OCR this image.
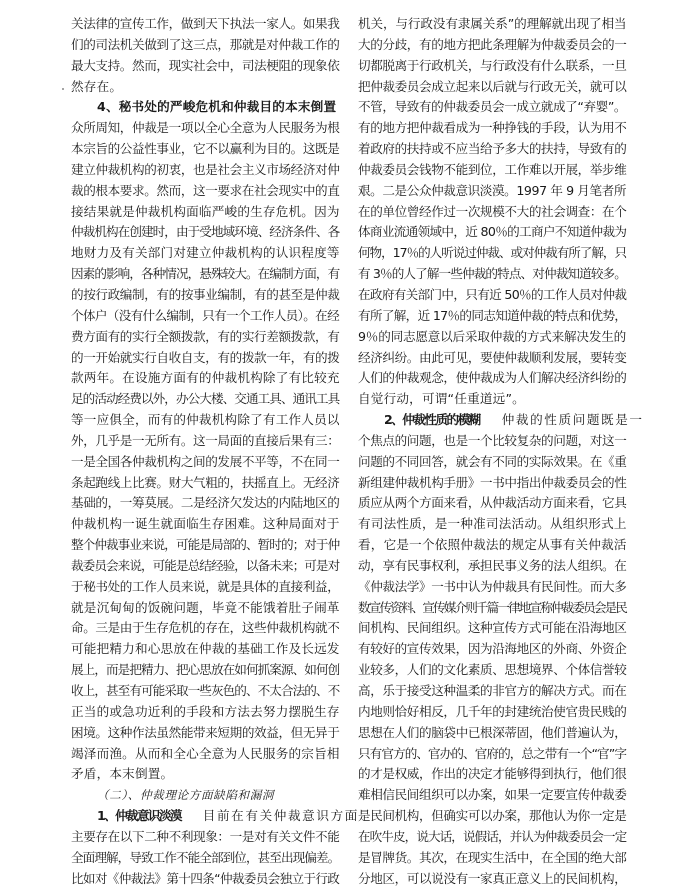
关法律的宣传工作，做到天下执法一家人。如果我
们的司法机关做到了这三点，那就是对仲裁工作的
最大支持。然而，现实社会中，司法梗阻的现象依
然存在。
4、秘书处的严峻危机和仲裁目的本末倒置
众所周知，仲裁是一项以全心全意为人民服务为根
本宗旨的公益性事业，它不以赢利为目的。这既是
建立仲裁机构的初衷，也是社会主义市场经济对仲
裁的根本要求。然而，这一要求在社会现实中的直
接结果就是仲裁机构面临严峻的生存危机。因为
仲裁机构在创建时，由于受地域环境、经济条件、各
地财力及有关部门对建立仲裁机构的认识程度等
因素的影响，各种情况，悬殊较大。在编制方面，有
的按行政编制，有的按事业编制，有的甚至是仲裁
个体户（没有什么编制，只有一个工作人员）。在经
费方面有的实行全额拨款，有的实行差额拨款，有
的一开始就实行自收自支，有的拨款一年，有的拨
款两年。在设施方面有的仲裁机构除了有比较充
足的活动经费以外，办公大楼、交通工具、通讯工具
等一应俱全，而有的仲裁机构除了有工作人员以
外，几乎是一无所有。这一局面的直接后果有三：
一是全国各仲裁机构之间的发展不平等，不在同一
条起跑线上比赛。财大气粗的，扶摇直上。无经济
基础的，一筹莫展。二是经济欠发达的内陆地区的
仲裁机构一诞生就面临生存困难。这种局面对于
整个仲裁事业来说，可能是局部的、暂时的；对于仲
裁委员会来说，可能是总结经验，以备未来；可是对
于秘书处的工作人员来说，就是具体的直接利益，
就是沉甸甸的饭碗问题，毕竟不能饿着肚子闹革
命。三是由于生存危机的存在，这些仲裁机构就不
可能把精力和心思放在仲裁的基础工作及长远发
展上，而是把精力、把心思放在如何抓案源、如何创
收上，甚至有可能采取一些灰色的、不太合法的、不
正当的或急功近利的手段和方法去努力摆脱生存
困境。这种作法虽然能带来短期的效益，但无异于
竭泽而渔。从而和全心全意为人民服务的宗旨相
矛盾，本末倒置。
（二）、仲裁理论方面缺陷和漏洞
1、仲裁意识淡漠 目前在有关仲裁意识方面
主要存在以下二种不利现象：一是对有关文件不能
全面理解，导致工作不能全部到位，甚至出现偏差。
比如对《仲裁法》第十四条“仲裁委员会独立于行政
机关，与行政没有隶属关系”的理解就出现了相当
大的分歧，有的地方把此条理解为仲裁委员会的一
切都脱离于行政机关，与行政没有什么联系，一旦
把仲裁委员会成立起来以后就与行政无关，就可以
不管，导致有的仲裁委员会一成立就成了“弃婴”。
有的地方把仲裁看成为一种挣钱的手段，认为用不
着政府的扶持或不应当给予多大的扶持，导致有的
仲裁委员会钱物不能到位，工作难以开展，举步维
艰。二是公众仲裁意识淡漠。1997 年 9 月笔者所
在的单位曾经作过一次规模不大的社会调查：在个
体商业流通领域中，近 80％的工商户不知道仲裁为
何物，17％的人听说过仲裁、或对仲裁有所了解，只
有 3％的人了解一些仲裁的特点、对仲裁知道较多。
在政府有关部门中，只有近 50％的工作人员对仲裁
有所了解，近 17％的同志知道仲裁的特点和优势，
9％的同志愿意以后采取仲裁的方式来解决发生的
经济纠纷。由此可见，要使仲裁顺利发展，要转变
人们的仲裁观念，使仲裁成为人们解决经济纠纷的
自觉行动，可谓“任重道远”。
2、仲裁性质的模糊 仲裁的性质问题既是一
个焦点的问题，也是一个比较复杂的问题，对这一
问题的不同回答，就会有不同的实际效果。在《重
新组建仲裁机构手册》一书中指出仲裁委员会的性
质应从两个方面来看，从仲裁活动方面来看，它具
有司法性质，是一种准司法活动。从组织形式上
看，它是一个依照仲裁法的规定从事有关仲裁活
动，享有民事权利，承担民事义务的法人组织。在
《仲裁法学》一书中认为仲裁具有民间性。而大多
数宣传资料、宣传媒介则千篇一律地宣称仲裁委员会是民
间机构、民间组织。这种宣传方式可能在沿海地区
有较好的宣传效果，因为沿海地区的外商、外资企
业较多，人们的文化素质、思想境界、个体信誉较
高，乐于接受这种温柔的非官方的解决方式。而在
内地则恰好相反，几千年的封建统治使官贵民贱的
思想在人们的脑袋中已根深蒂固，他们普遍认为，
只有官方的、官办的、官府的，总之带有一个“官”字
的才是权威，作出的决定才能够得到执行，他们很
难相信民间组织可以办案，如果一定要宣传仲裁委
是民间机构，但确实可以办案，那他认为你一定是
在吹牛皮，说大话，说假话，并认为仲裁委员会一定
是冒牌货。其次，在现实生活中，在全国的绝大部
分地区，可以说没有一家真正意义上的民间机构，
